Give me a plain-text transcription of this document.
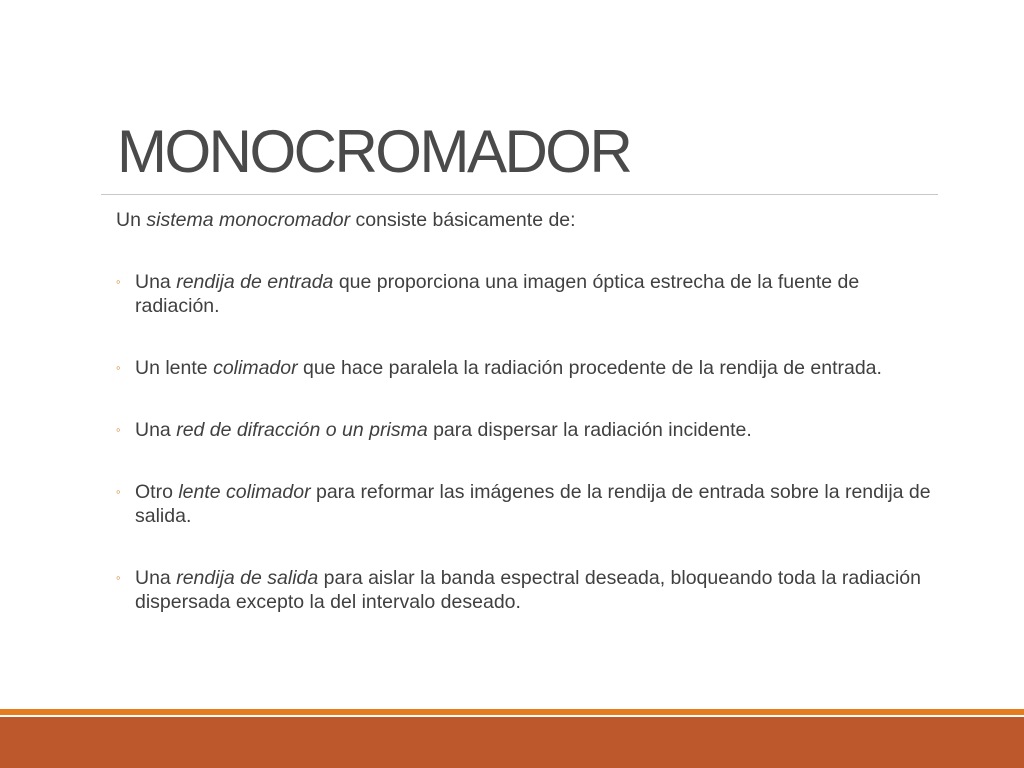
MONOCROMADOR

Un sistema monocromador consiste básicamente de:

◦ Una rendija de entrada que proporciona una imagen óptica estrecha de la fuente de radiación.
◦ Un lente colimador que hace paralela la radiación procedente de la rendija de entrada.
◦ Una red de difracción o un prisma para dispersar la radiación incidente.
◦ Otro lente colimador para reformar las imágenes de la rendija de entrada sobre la rendija de salida.
◦ Una rendija de salida para aislar la banda espectral deseada, bloqueando toda la radiación dispersada excepto la del intervalo deseado.
